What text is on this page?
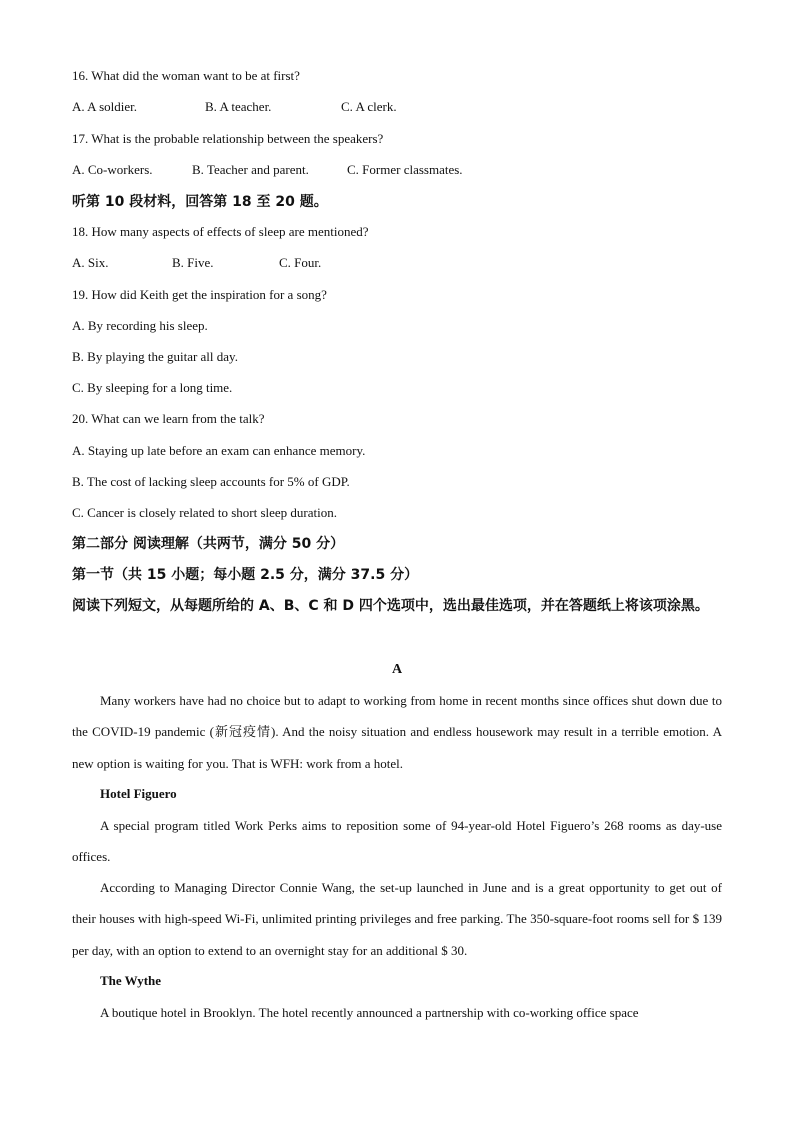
16. What did the woman want to be at first?
A. A soldier.	B. A teacher.	C. A clerk.
17. What is the probable relationship between the speakers?
A. Co-workers.	B. Teacher and parent.	C. Former classmates.
听第 10 段材料，回答第 18 至 20 题。
18. How many aspects of effects of sleep are mentioned?
A. Six.	B. Five.	C. Four.
19. How did Keith get the inspiration for a song?
A. By recording his sleep.
B. By playing the guitar all day.
C. By sleeping for a long time.
20. What can we learn from the talk?
A. Staying up late before an exam can enhance memory.
B. The cost of lacking sleep accounts for 5% of GDP.
C. Cancer is closely related to short sleep duration.
第二部分 阅读理解（共两节，满分 50 分）
第一节（共 15 小题；每小题 2.5 分，满分 37.5 分）
阅读下列短文，从每题所给的 A、B、C 和 D 四个选项中，选出最佳选项，并在答题纸上将该项涂黑。
A
Many workers have had no choice but to adapt to working from home in recent months since offices shut down due to the COVID-19 pandemic (新冠疫情). And the noisy situation and endless housework may result in a terrible emotion. A new option is waiting for you. That is WFH: work from a hotel.
Hotel Figuero
A special program titled Work Perks aims to reposition some of 94-year-old Hotel Figuero’s 268 rooms as day-use offices.
According to Managing Director Connie Wang, the set-up launched in June and is a great opportunity to get out of their houses with high-speed Wi-Fi, unlimited printing privileges and free parking. The 350-square-foot rooms sell for $ 139 per day, with an option to extend to an overnight stay for an additional $ 30.
The Wythe
A boutique hotel in Brooklyn. The hotel recently announced a partnership with co-working office space
